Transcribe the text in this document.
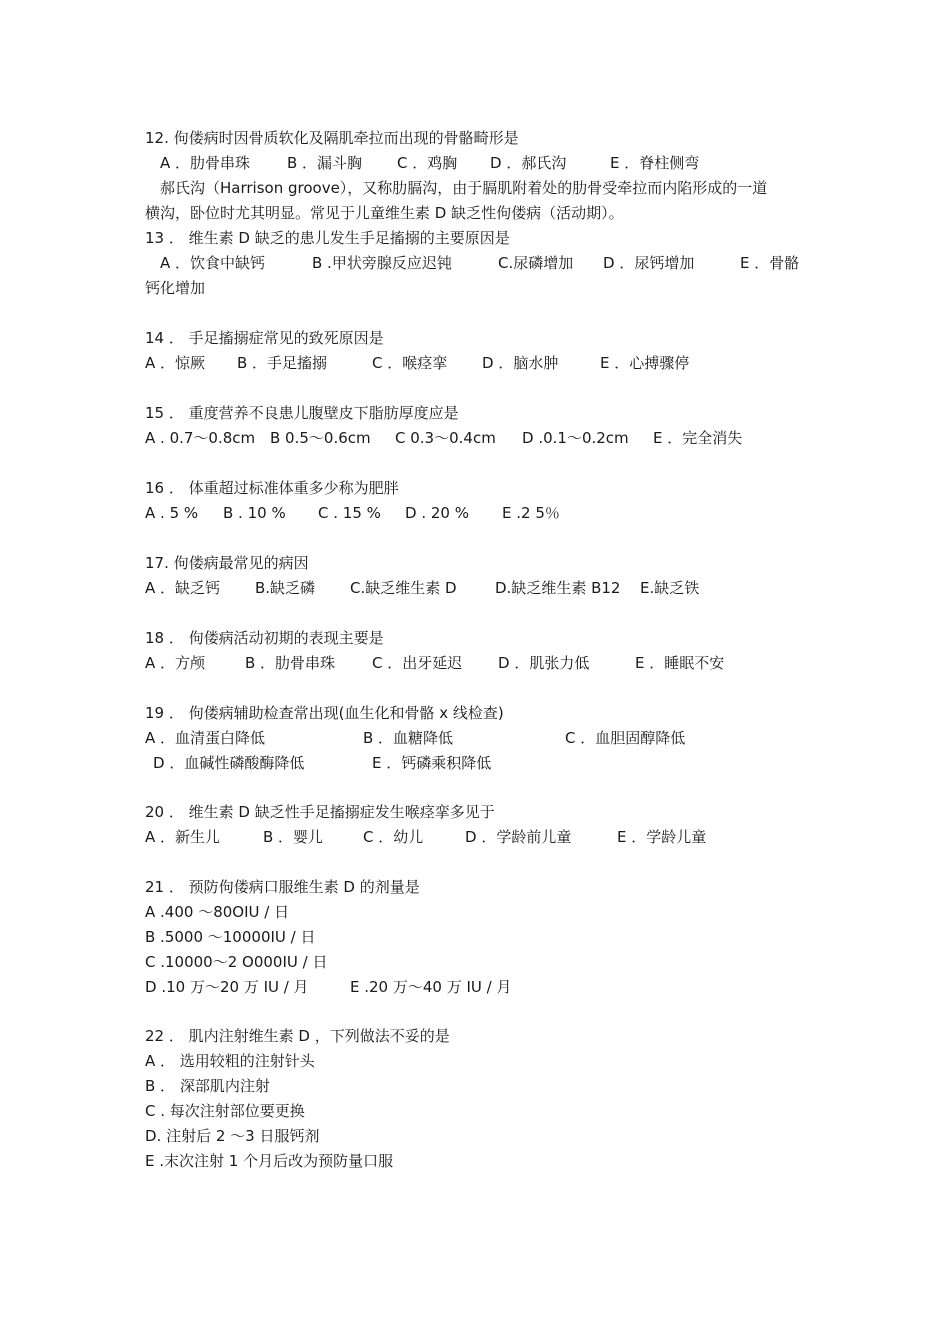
12. 佝偻病时因骨质软化及隔肌牵拉而出现的骨骼畸形是

A ．肋骨串珠

B ．漏斗胸

C ．鸡胸

D ．郝氏沟

	E ．脊柱侧弯

郝氏沟（Harrison groove），又称肋膈沟，由于膈肌附着处的肋骨受牵拉而内陷形成的一道
横沟，卧位时尤其明显。常见于儿童维生素 D 缺乏性佝偻病（活动期）。
13 ． 维生素 D 缺乏的患儿发生手足搐搦的主要原因是

A ．饮食中缺钙

	B .甲状旁腺反应迟钝

	C.尿磷增加

D ．尿钙增加

	E ．骨骼

钙化增加
14 ． 手足搐搦症常见的致死原因是

A ．惊厥

B ．手足搐搦

	C ．喉痉挛

D ．脑水肿

	E ．心搏骤停

15 ． 重度营养不良患儿腹壁皮下脂肪厚度应是

A . 0.7～0.8cm

B 0.5～0.6cm

C 0.3～0.4cm

D .0.1～0.2cm

E ．完全消失

16 ． 体重超过标准体重多少称为肥胖

A . 5 %

B . 10 %

C . 15 %

D . 20 %

E .2 5％

17. 佝偻病最常见的病因

A ．缺乏钙

B.缺乏磷

C.缺乏维生素 D

	D.缺乏维生素 B12

E.缺乏铁

18 ． 佝偻病活动初期的表现主要是

A ．方颅

	B ．肋骨串珠

C ．出牙延迟

D ．肌张力低

	E ．睡眠不安

19 ． 佝偻病辅助检查常出现(血生化和骨骼 x 线检查)

A ．血清蛋白降低

	B ．血糖降低

	C ．血胆固醇降低

D ．血碱性磷酸酶降低

	E ．钙磷乘积降低

20 ． 维生素 D 缺乏性手足搐搦症发生喉痉挛多见于

A ．新生儿

	B ．婴儿

	C ．幼儿

	D ．学龄前儿童

	E ．学龄儿童

21 ． 预防佝偻病口服维生素 D 的剂量是
A .400 ～80OIU / 日
B .5000 ～10000IU / 日
C .10000～2 O000IU / 日

D .10 万～20 万 IU / 月

	E .20 万～40 万 IU / 月

22 ． 肌内注射维生素 D ，下列做法不妥的是
A ． 选用较粗的注射针头
B ． 深部肌内注射
C . 每次注射部位要更换
D. 注射后 2 ～3 日服钙剂
E .末次注射 1 个月后改为预防量口服
